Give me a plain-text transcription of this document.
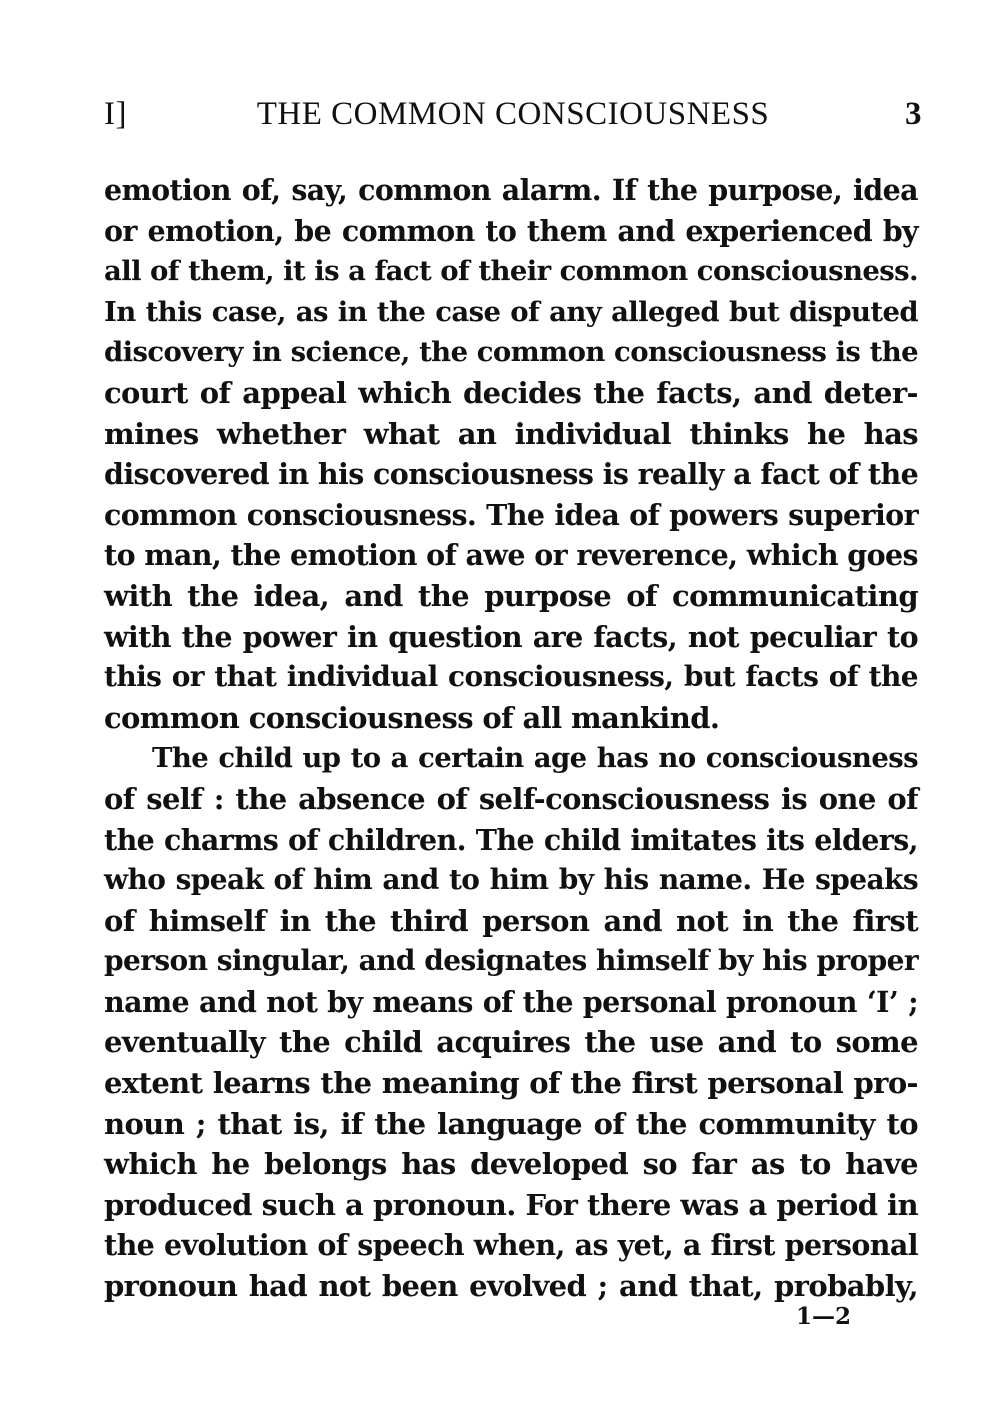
I]	THE COMMON CONSCIOUSNESS	3
emotion of, say, common alarm. If the purpose, idea
or emotion, be common to them and experienced by
all of them, it is a fact of their common consciousness.
In this case, as in the case of any alleged but disputed
discovery in science, the common consciousness is the
court of appeal which decides the facts, and deter-
mines whether what an individual thinks he has
discovered in his consciousness is really a fact of the
common consciousness. The idea of powers superior
to man, the emotion of awe or reverence, which goes
with the idea, and the purpose of communicating
with the power in question are facts, not peculiar to
this or that individual consciousness, but facts of the
common consciousness of all mankind.
The child up to a certain age has no consciousness
of self : the absence of self-consciousness is one of
the charms of children. The child imitates its elders,
who speak of him and to him by his name. He speaks
of himself in the third person and not in the first
person singular, and designates himself by his proper
name and not by means of the personal pronoun ‘I’ ;
eventually the child acquires the use and to some
extent learns the meaning of the first personal pro-
noun ; that is, if the language of the community to
which he belongs has developed so far as to have
produced such a pronoun. For there was a period in
the evolution of speech when, as yet, a first personal
pronoun had not been evolved ; and that, probably,
1—2
